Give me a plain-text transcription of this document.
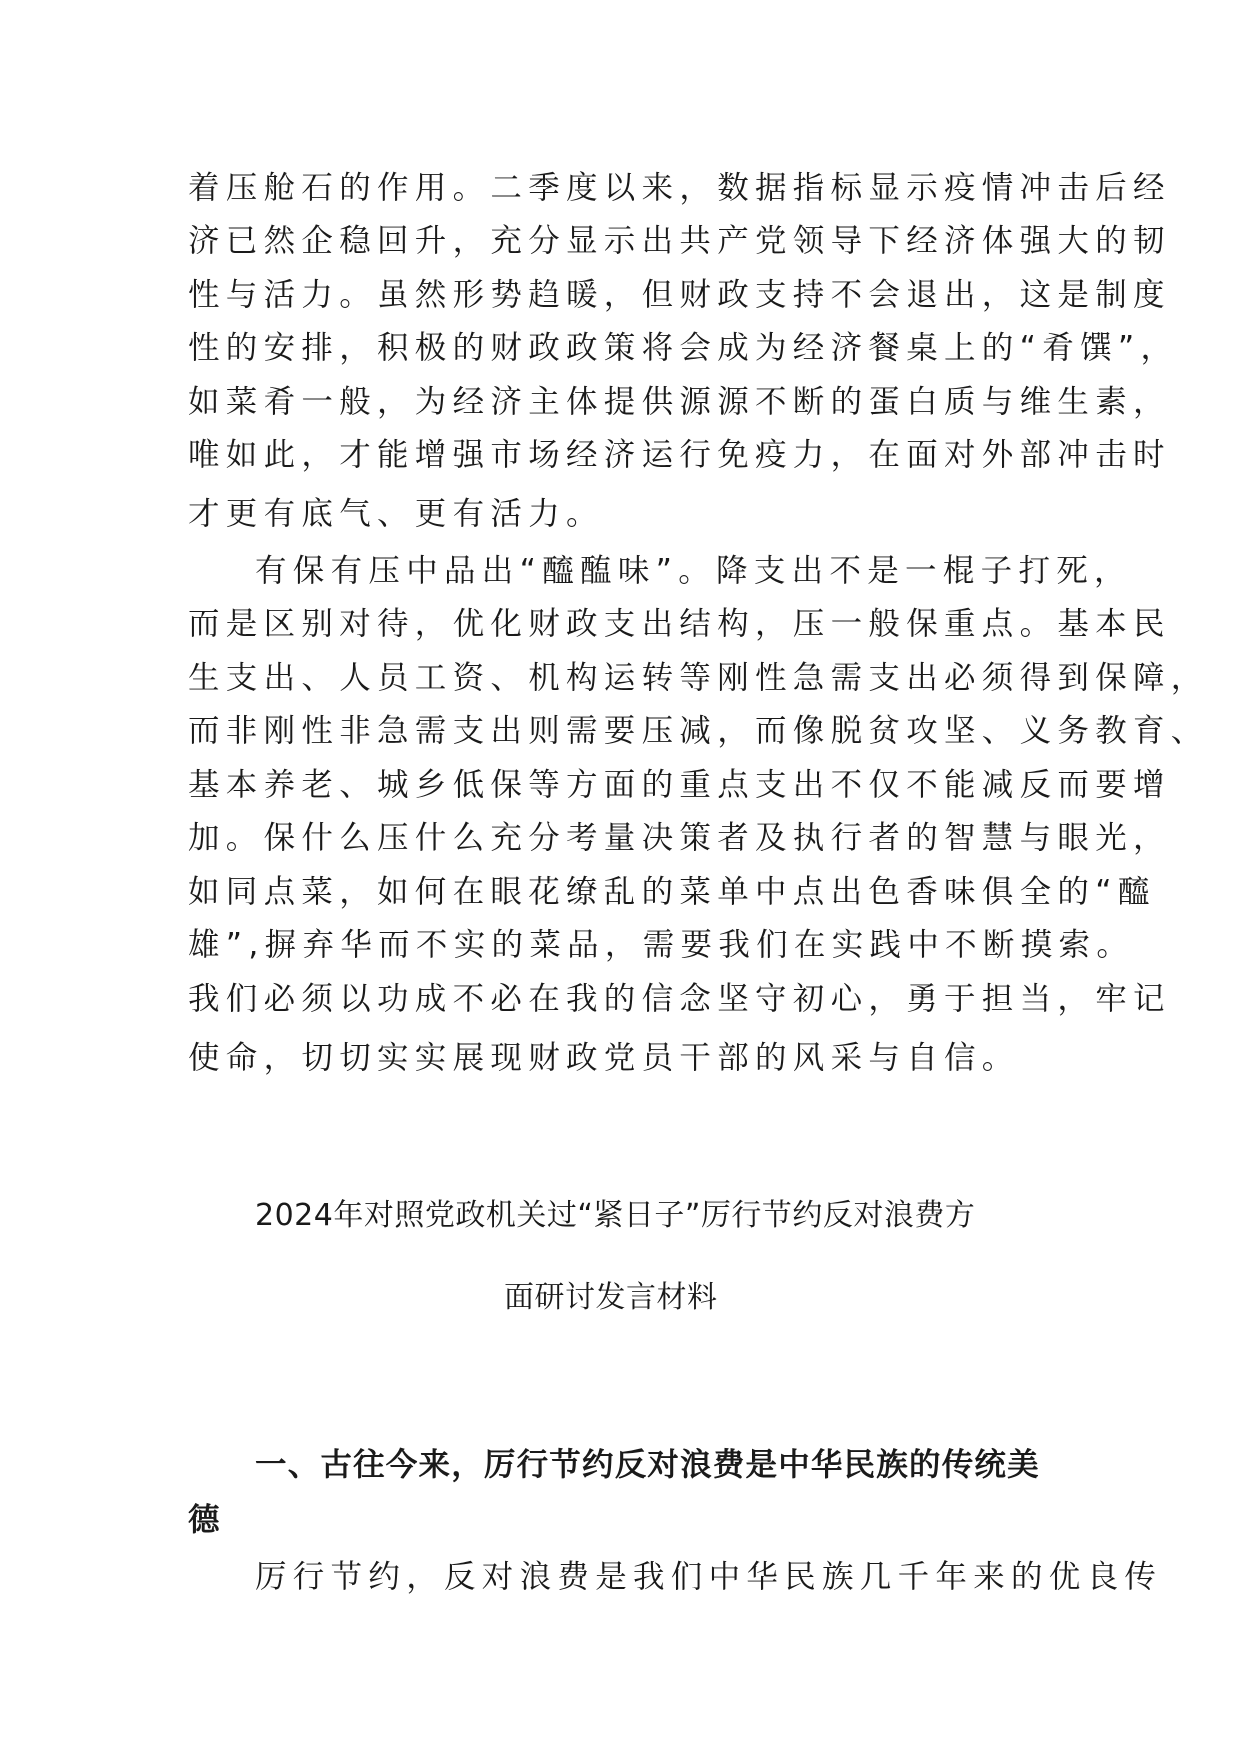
着压舱石的作用。二季度以来，数据指标显示疫情冲击后经

济已然企稳回升，充分显示出共产党领导下经济体强大的韧

性与活力。虽然形势趋暖，但财政支持不会退出，这是制度

性的安排，积极的财政政策将会成为经济餐桌上的“肴馔”，

如菜肴一般，为经济主体提供源源不断的蛋白质与维生素，

唯如此，才能增强市场经济运行免疫力，在面对外部冲击时

才更有底气、更有活力。

有保有压中品出“醯醢味”。降支出不是一棍子打死，

而是区别对待，优化财政支出结构，压一般保重点。基本民

生支出、人员工资、机构运转等刚性急需支出必须得到保障，

而非刚性非急需支出则需要压减，而像脱贫攻坚、义务教育、

基本养老、城乡低保等方面的重点支出不仅不能减反而要增

加。保什么压什么充分考量决策者及执行者的智慧与眼光，

如同点菜，如何在眼花缭乱的菜单中点出色香味俱全的“醯

雄”,摒弃华而不实的菜品，需要我们在实践中不断摸索。

我们必须以功成不必在我的信念坚守初心，勇于担当，牢记

使命，切切实实展现财政党员干部的风采与自信。

2024年对照党政机关过“紧日子”厉行节约反对浪费方

面研讨发言材料

一、古往今来，厉行节约反对浪费是中华民族的传统美

德

厉行节约，反对浪费是我们中华民族几千年来的优良传
